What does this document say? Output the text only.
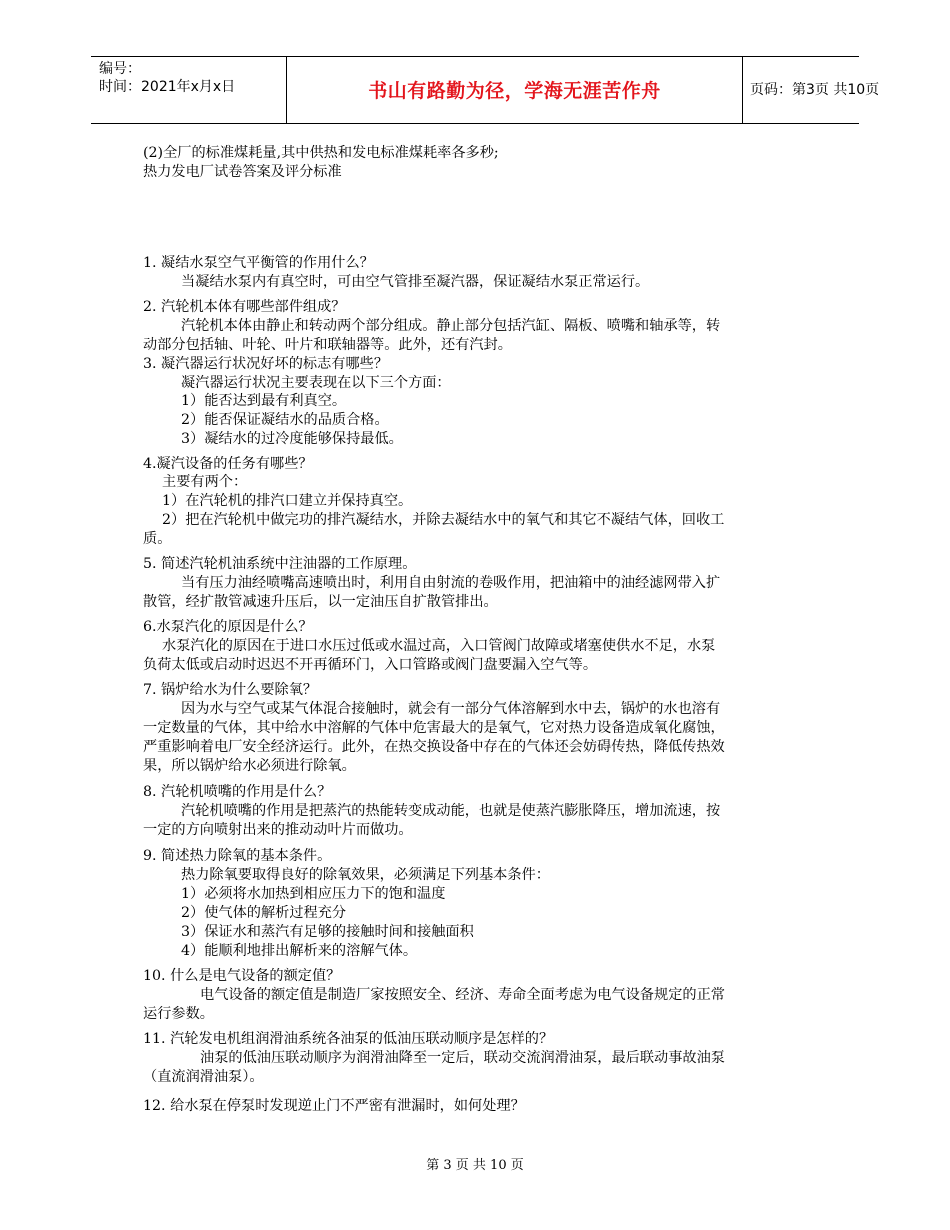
编号：
时间：2021年x月x日	书山有路勤为径，学海无涯苦作舟	页码：第3页 共10页
(2)全厂的标准煤耗量,其中供热和发电标准煤耗率各多秒;
热力发电厂试卷答案及评分标准
1. 凝结水泵空气平衡管的作用什么？
当凝结水泵内有真空时，可由空气管排至凝汽器，保证凝结水泵正常运行。
2. 汽轮机本体有哪些部件组成？
汽轮机本体由静止和转动两个部分组成。静止部分包括汽缸、隔板、喷嘴和轴承等，转
动部分包括轴、叶轮、叶片和联轴器等。此外，还有汽封。
3. 凝汽器运行状况好坏的标志有哪些？
凝汽器运行状况主要表现在以下三个方面：
1）能否达到最有利真空。
2）能否保证凝结水的品质合格。
3）凝结水的过冷度能够保持最低。
4.凝汽设备的任务有哪些？
主要有两个：
1）在汽轮机的排汽口建立并保持真空。
2）把在汽轮机中做完功的排汽凝结水，并除去凝结水中的氧气和其它不凝结气体，回收工
质。
5. 简述汽轮机油系统中注油器的工作原理。
当有压力油经喷嘴高速喷出时，利用自由射流的卷吸作用，把油箱中的油经滤网带入扩
散管，经扩散管减速升压后，以一定油压自扩散管排出。
6.水泵汽化的原因是什么？
水泵汽化的原因在于进口水压过低或水温过高，入口管阀门故障或堵塞使供水不足，水泵
负荷太低或启动时迟迟不开再循环门，入口管路或阀门盘要漏入空气等。
7. 锅炉给水为什么要除氧？
因为水与空气或某气体混合接触时，就会有一部分气体溶解到水中去，锅炉的水也溶有
一定数量的气体，其中给水中溶解的气体中危害最大的是氧气，它对热力设备造成氧化腐蚀，
严重影响着电厂安全经济运行。此外，在热交换设备中存在的气体还会妨碍传热，降低传热效
果，所以锅炉给水必须进行除氧。
8. 汽轮机喷嘴的作用是什么？
汽轮机喷嘴的作用是把蒸汽的热能转变成动能，也就是使蒸汽膨胀降压，增加流速，按
一定的方向喷射出来的推动动叶片而做功。
9. 简述热力除氧的基本条件。
热力除氧要取得良好的除氧效果，必须满足下列基本条件：
1）必须将水加热到相应压力下的饱和温度
2）使气体的解析过程充分
3）保证水和蒸汽有足够的接触时间和接触面积
4）能顺利地排出解析来的溶解气体。
10. 什么是电气设备的额定值？
电气设备的额定值是制造厂家按照安全、经济、寿命全面考虑为电气设备规定的正常
运行参数。
11. 汽轮发电机组润滑油系统各油泵的低油压联动顺序是怎样的？
油泵的低油压联动顺序为润滑油降至一定后，联动交流润滑油泵，最后联动事故油泵
（直流润滑油泵）。
12. 给水泵在停泵时发现逆止门不严密有泄漏时，如何处理？
第 3 页 共 10 页
